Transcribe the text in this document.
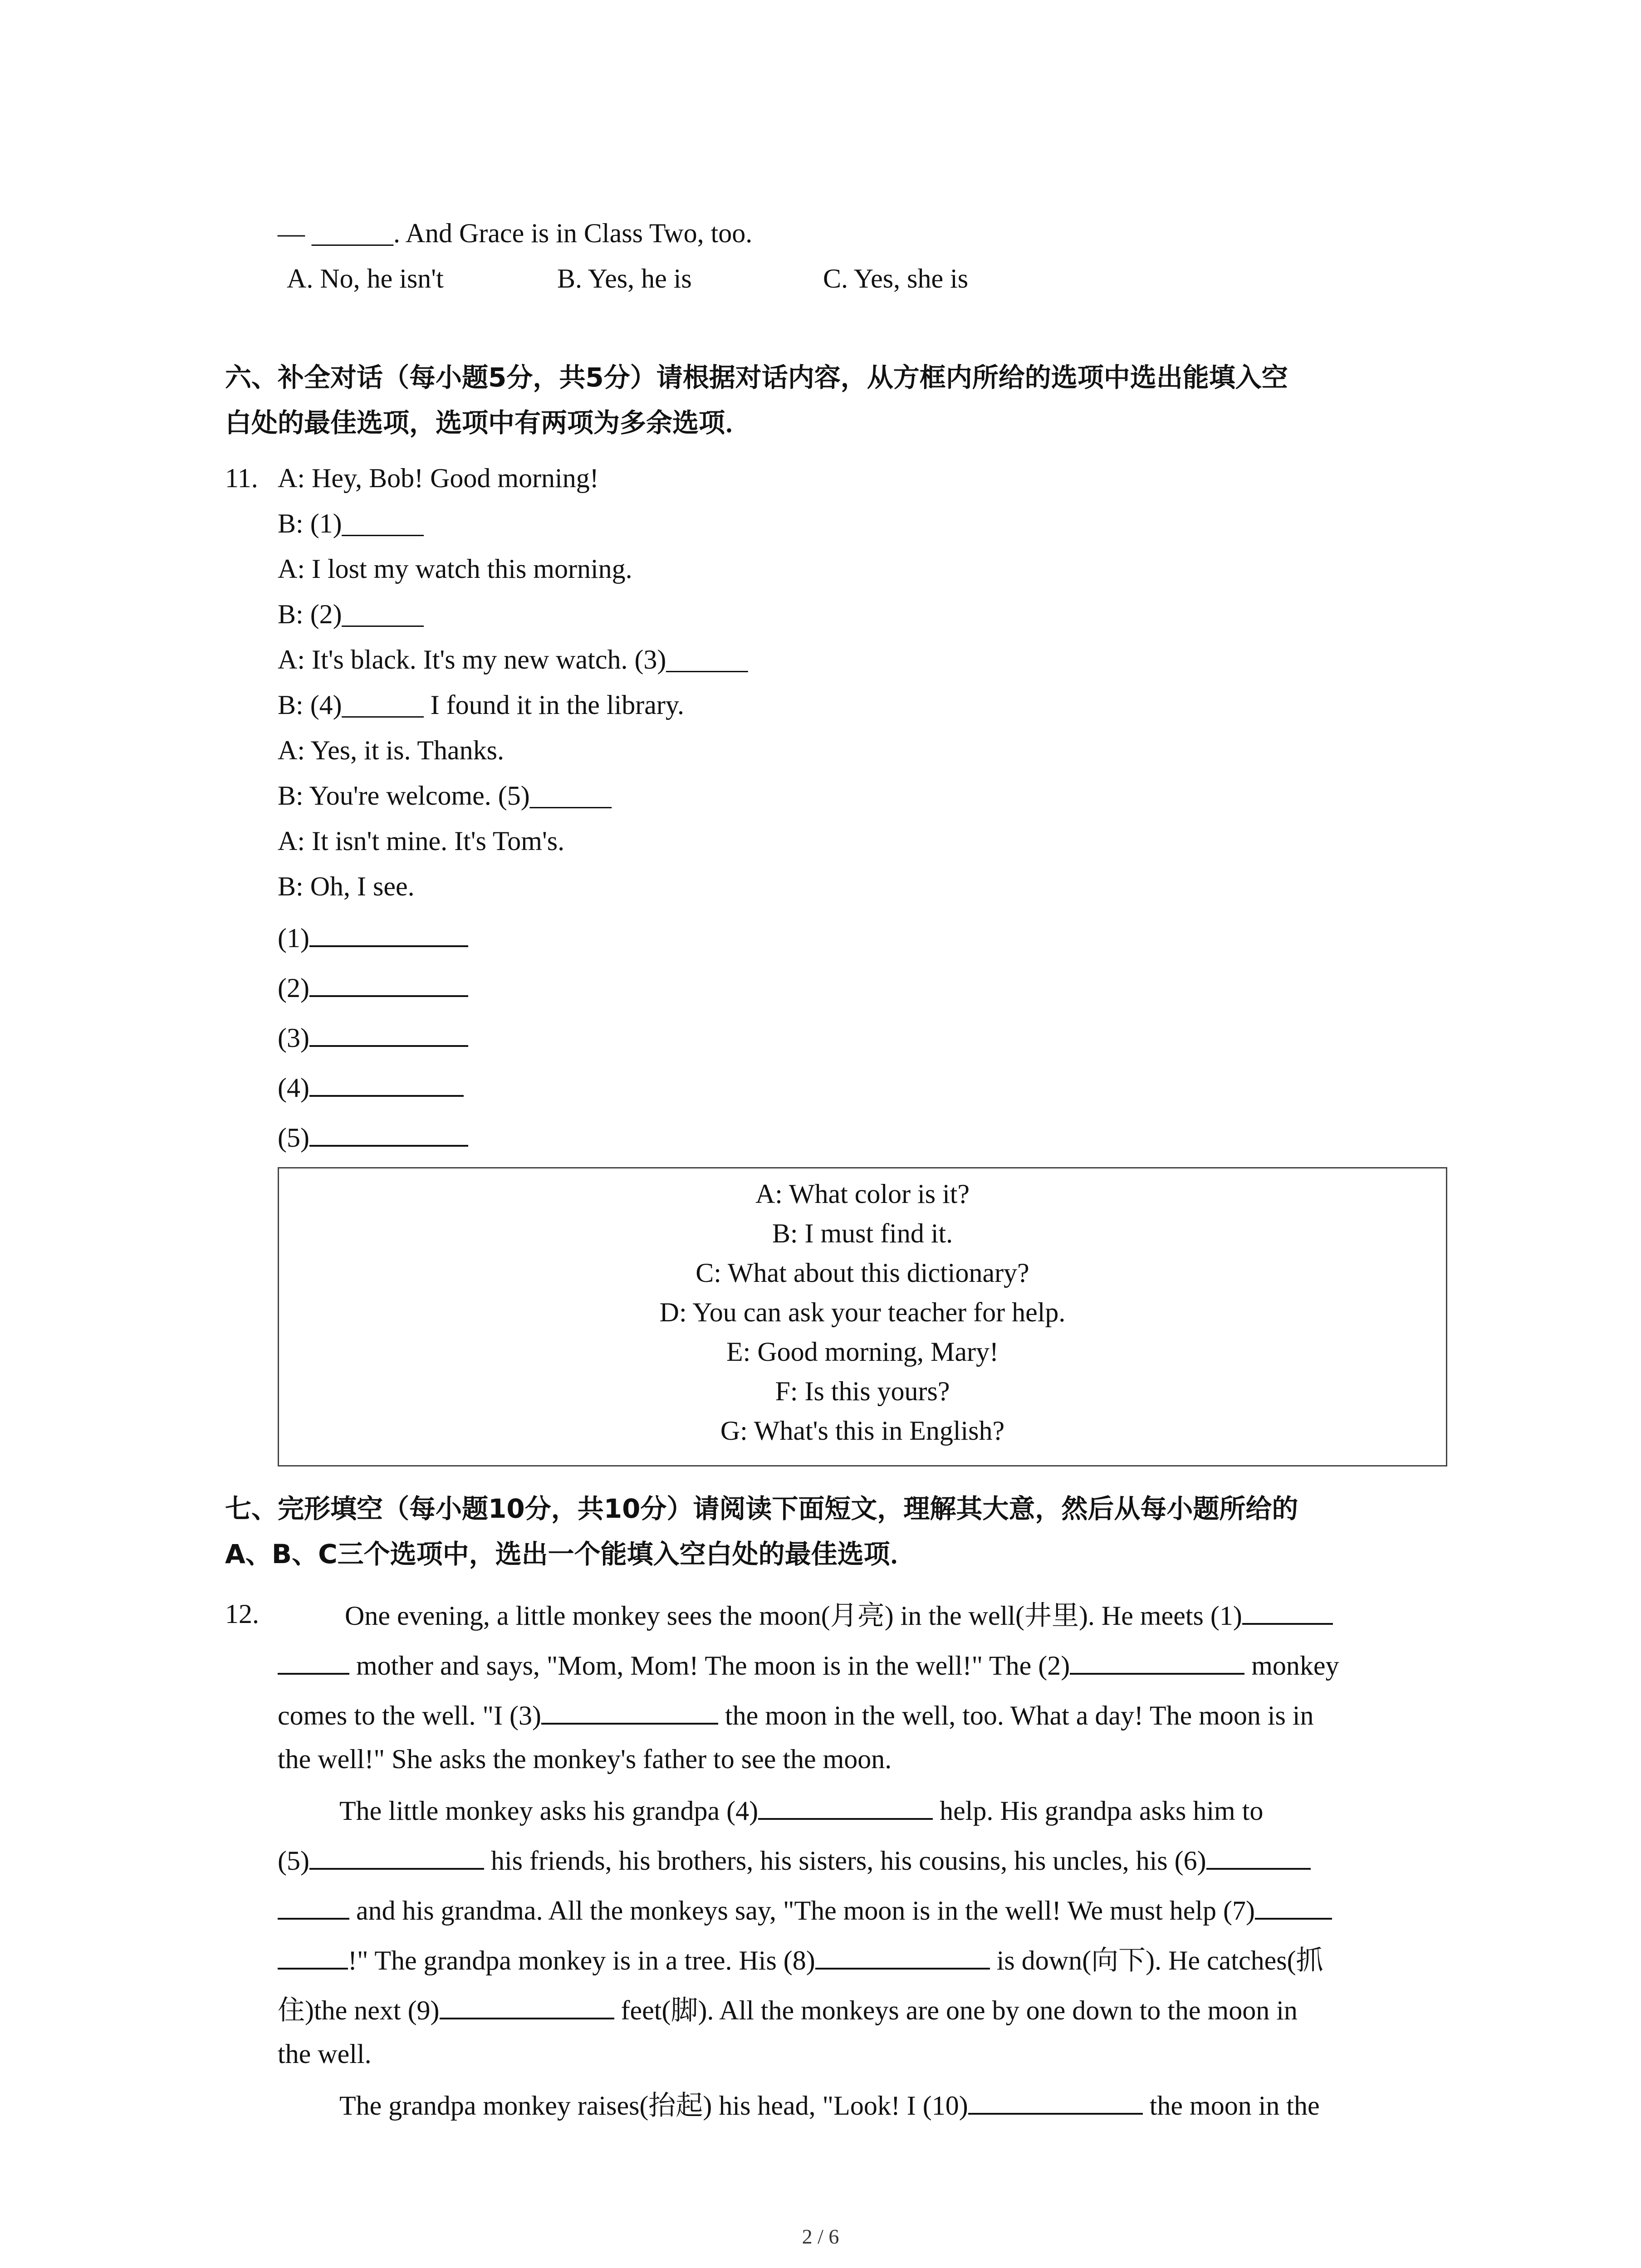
— ______. And Grace is in Class Two, too.
A. No, he isn't	B. Yes, he is	C. Yes, she is
六、补全对话（每小题5分，共5分）请根据对话内容，从方框内所给的选项中选出能填入空
白处的最佳选项，选项中有两项为多余选项．
11. A: Hey, Bob! Good morning!
B: (1)______
A: I lost my watch this morning.
B: (2)______
A: It's black. It's my new watch. (3)______
B: (4)______ I found it in the library.
A: Yes, it is. Thanks.
B: You're welcome. (5)______
A: It isn't mine. It's Tom's.
B: Oh, I see.
(1)
(2)
(3)
(4)
(5)
A: What color is it?
B: I must find it.
C: What about this dictionary?
D: You can ask your teacher for help.
E: Good morning, Mary!
F: Is this yours?
G: What's this in English?
七、完形填空（每小题10分，共10分）请阅读下面短文，理解其大意，然后从每小题所给的
A、B、C三个选项中，选出一个能填入空白处的最佳选项．
12.	One evening, a little monkey sees the moon(月亮) in the well(井里). He meets (1)
mother and says, "Mom, Mom! The moon is in the well!" The (2)	monkey
comes to the well. "I (3)	the moon in the well, too. What a day! The moon is in
the well!" She asks the monkey's father to see the moon.
The little monkey asks his grandpa (4)	help. His grandpa asks him to
(5)	his friends, his brothers, his sisters, his cousins, his uncles, his (6)
and his grandma. All the monkeys say, "The moon is in the well! We must help (7)
!" The grandpa monkey is in a tree. His (8)	is down(向下). He catches(抓
住)the next (9)	feet(脚). All the monkeys are one by one down to the moon in
the well.
The grandpa monkey raises(抬起) his head, "Look! I (10)	the moon in the
2 / 6
